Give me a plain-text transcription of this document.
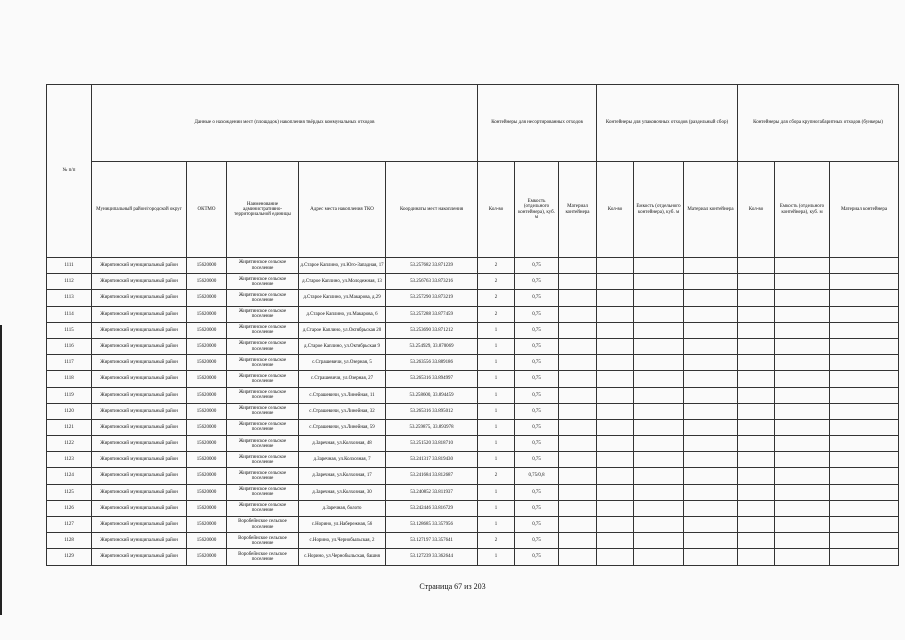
№ п/п	Данные о нахождении мест (площадок) накопления твёрдых коммунальных отходов					Контейнеры для несортированных отходов			Контейнеры для упаковочных отходов (раздельный сбор)			Контейнеры для сбора крупногабаритных отходов (бункеры)		
	Муниципальный район/городской округ	ОКТМО	Наименование административно-территориальной единицы	Адрес места накопления ТКО	Координаты мест накопления	Кол-во	Емкость (отдельного контейнера), куб. м	Материал контейнера	Кол-во	Емкость (отдельного контейнера), куб. м	Материал контейнера	Кол-во	Емкость (отдельного контейнера), куб. м	Материал контейнера
1111	Жирятинский муниципальный район	15620000	Жирятинское сельское поселение	д.Старое Каплино, ул.Юго-Западная, 17	53.257682 33.871239	2	0,75							
1112	Жирятинский муниципальный район	15620000	Жирятинское сельское поселение	д.Старое Каплино, ул.Молодежная, 13	53.256763 33.873216	2	0,75							
1113	Жирятинский муниципальный район	15620000	Жирятинское сельское поселение	д.Старое Каплино, ул.Макарова, д.29	53.257290 33.873219	2	0,75							
1114	Жирятинский муниципальный район	15620000	Жирятинское сельское поселение	д.Старое Каплино, ул.Макарова, 6	53.257288 33.877459	2	0,75							
1115	Жирятинский муниципальный район	15620000	Жирятинское сельское поселение	д.Старое Каплино, ул.Октябрьская 20	53.253690 33.871212	1	0,75							
1116	Жирятинский муниципальный район	15620000	Жирятинское сельское поселение	д.Старое Каплино, ул.Октябрьская 9	53.254929, 33.870069	1	0,75							
1117	Жирятинский муниципальный район	15620000	Жирятинское сельское поселение	с.Страшевичи, ул.Озерная, 5	53.263556 33.889186	1	0,75							
1118	Жирятинский муниципальный район	15620000	Жирятинское сельское поселение	с.Страшевичи, ул.Озерная, 27	53.265316 33.894997	1	0,75							
1119	Жирятинский муниципальный район	15620000	Жирятинское сельское поселение	с.Страшевичи, ул.Линейная, 11	53.258600, 33.894459	1	0,75							
1120	Жирятинский муниципальный район	15620000	Жирятинское сельское поселение	с.Страшевичи, ул.Линейная, 32	53.265316 33.895012	1	0,75							
1121	Жирятинский муниципальный район	15620000	Жирятинское сельское поселение	с.Страшевичи, ул.Линейная, 59	53.259875, 33.893978	1	0,75							
1122	Жирятинский муниципальный район	15620000	Жирятинское сельское поселение	д.Заречная, ул.Колхозная, 48	53.251520 33.818710	1	0,75							
1123	Жирятинский муниципальный район	15620000	Жирятинское сельское поселение	д.Заречная, ул.Колхозная, 7	53.241317 33.819430	1	0,75							
1124	Жирятинский муниципальный район	15620000	Жирятинское сельское поселение	д.Заречная, ул.Колхозная, 17	53.241684 33.812687	2	0,75/0,8							
1125	Жирятинский муниципальный район	15620000	Жирятинское сельское поселение	д.Заречная, ул.Колхозная, 30	53.240852 33.811937	1	0,75							
1126	Жирятинский муниципальный район	15620000	Жирятинское сельское поселение	д.Заречная, болото	53.242446 33.816729	1	0,75							
1127	Жирятинский муниципальный район	15620000	Воробейнское сельское поселение	с.Норино, ул.Набережная, 56	53.128685 33.357956	1	0,75							
1128	Жирятинский муниципальный район	15620000	Воробейнское сельское поселение	с.Норино, ул.Чернобыльская, 2	53.127197 33.357641	2	0,75							
1129	Жирятинский муниципальный район	15620000	Воробейнское сельское поселение	с.Норино, ул.Чернобыльская, башня	53.127239 33.362644	1	0,75							
Страница 67 из 203
